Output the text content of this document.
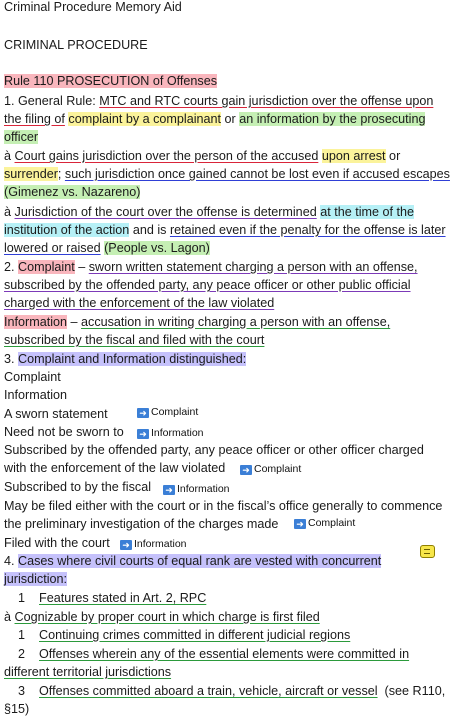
Criminal Procedure Memory Aid
CRIMINAL PROCEDURE
Rule 110 PROSECUTION of Offenses
1. General Rule: MTC and RTC courts gain jurisdiction over the offense upon
the filing of complaint by a complainant or an information by the prosecuting
officer
à Court gains jurisdiction over the person of the accused upon arrest or
surrender; such jurisdiction once gained cannot be lost even if accused escapes
(Gimenez vs. Nazareno)
à Jurisdiction of the court over the offense is determined at the time of the
institution of the action and is retained even if the penalty for the offense is later
lowered or raised (People vs. Lagon)
2. Complaint – sworn written statement charging a person with an offense,
subscribed by the offended party, any peace officer or other public official
charged with the enforcement of the law violated
Information – accusation in writing charging a person with an offense,
subscribed by the fiscal and filed with the court
3. Complaint and Information distinguished:
Complaint
Information
A sworn statement	➜ Complaint
Need not be sworn to ➜ Information
Subscribed by the offended party, any peace officer or other officer charged
with the enforcement of the law violated ➜ Complaint
Subscribed to by the fiscal ➜ Information
May be filed either with the court or in the fiscal’s office generally to commence
the preliminary investigation of the charges made ➜ Complaint
Filed with the court ➜ Information
4. Cases where civil courts of equal rank are vested with concurrent
jurisdiction:
1    Features stated in Art. 2, RPC
à Cognizable by proper court in which charge is first filed
1    Continuing crimes committed in different judicial regions
2    Offenses wherein any of the essential elements were committed in
different territorial jurisdictions
3    Offenses committed aboard a train, vehicle, aircraft or vessel  (see R110,
§15)
